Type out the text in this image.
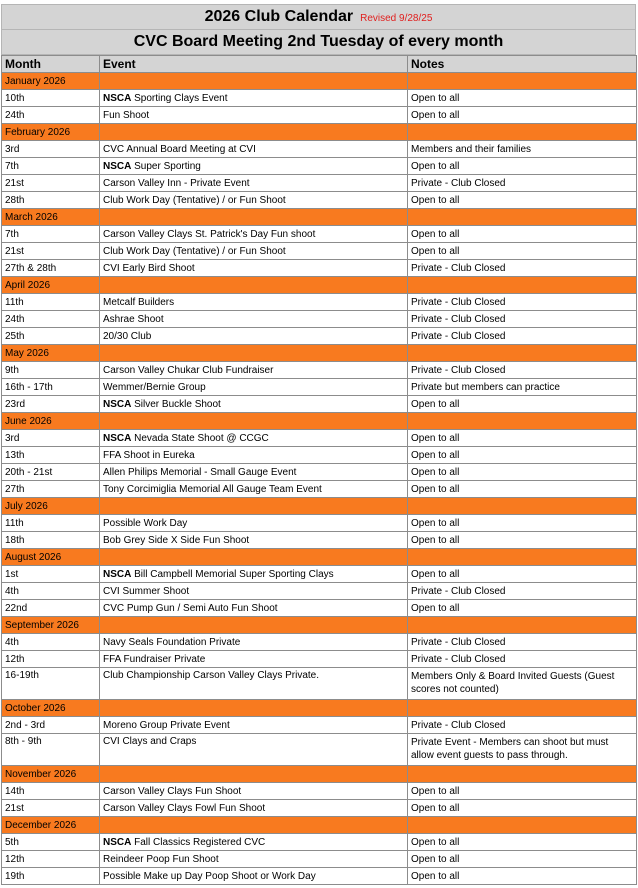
2026 Club Calendar Revised 9/28/25
CVC Board Meeting 2nd Tuesday of every month
Month	Event	Notes
January 2026		
10th	NSCA Sporting Clays Event	Open to all
24th	Fun Shoot	Open to all
February 2026		
3rd	CVC Annual Board Meeting at CVI	Members and their families
7th	NSCA Super Sporting	Open to all
21st	Carson Valley Inn - Private Event	Private - Club Closed
28th	Club Work Day (Tentative) / or Fun Shoot	Open to all
March 2026		
7th	Carson Valley Clays St. Patrick's Day Fun shoot	Open to all
21st	Club Work Day (Tentative) / or Fun Shoot	Open to all
27th & 28th	CVI Early Bird Shoot	Private - Club Closed
April 2026		
11th	Metcalf Builders	Private - Club Closed
24th	Ashrae Shoot	Private - Club Closed
25th	20/30 Club	Private - Club Closed
May 2026		
9th	Carson Valley Chukar Club Fundraiser	Private - Club Closed
16th - 17th	Wemmer/Bernie Group	Private but members can practice
23rd	NSCA Silver Buckle Shoot	Open to all
June 2026		
3rd	NSCA Nevada State Shoot @ CCGC	Open to all
13th	FFA Shoot in Eureka	Open to all
20th - 21st	Allen Philips Memorial - Small Gauge Event	Open to all
27th	Tony Corcimiglia Memorial All Gauge Team Event	Open to all
July 2026		
11th	Possible Work Day	Open to all
18th	Bob Grey Side X Side Fun Shoot	Open to all
August 2026		
1st	NSCA Bill Campbell Memorial Super Sporting Clays	Open to all
4th	CVI Summer Shoot	Private - Club Closed
22nd	CVC Pump Gun / Semi Auto Fun Shoot	Open to all
September 2026		
4th	Navy Seals Foundation Private	Private - Club Closed
12th	FFA Fundraiser Private	Private - Club Closed
16-19th	Club Championship Carson Valley Clays Private.	Members Only & Board Invited Guests (Guest scores not counted)
October 2026		
2nd - 3rd	Moreno Group Private Event	Private - Club Closed
8th - 9th	CVI Clays and Craps	Private Event - Members can shoot but must allow event guests to pass through.
November 2026		
14th	Carson Valley Clays Fun Shoot	Open to all
21st	Carson Valley Clays Fowl Fun Shoot	Open to all
December 2026		
5th	NSCA Fall Classics Registered CVC	Open to all
12th	Reindeer Poop Fun Shoot	Open to all
19th	Possible Make up Day Poop Shoot or Work Day	Open to all
